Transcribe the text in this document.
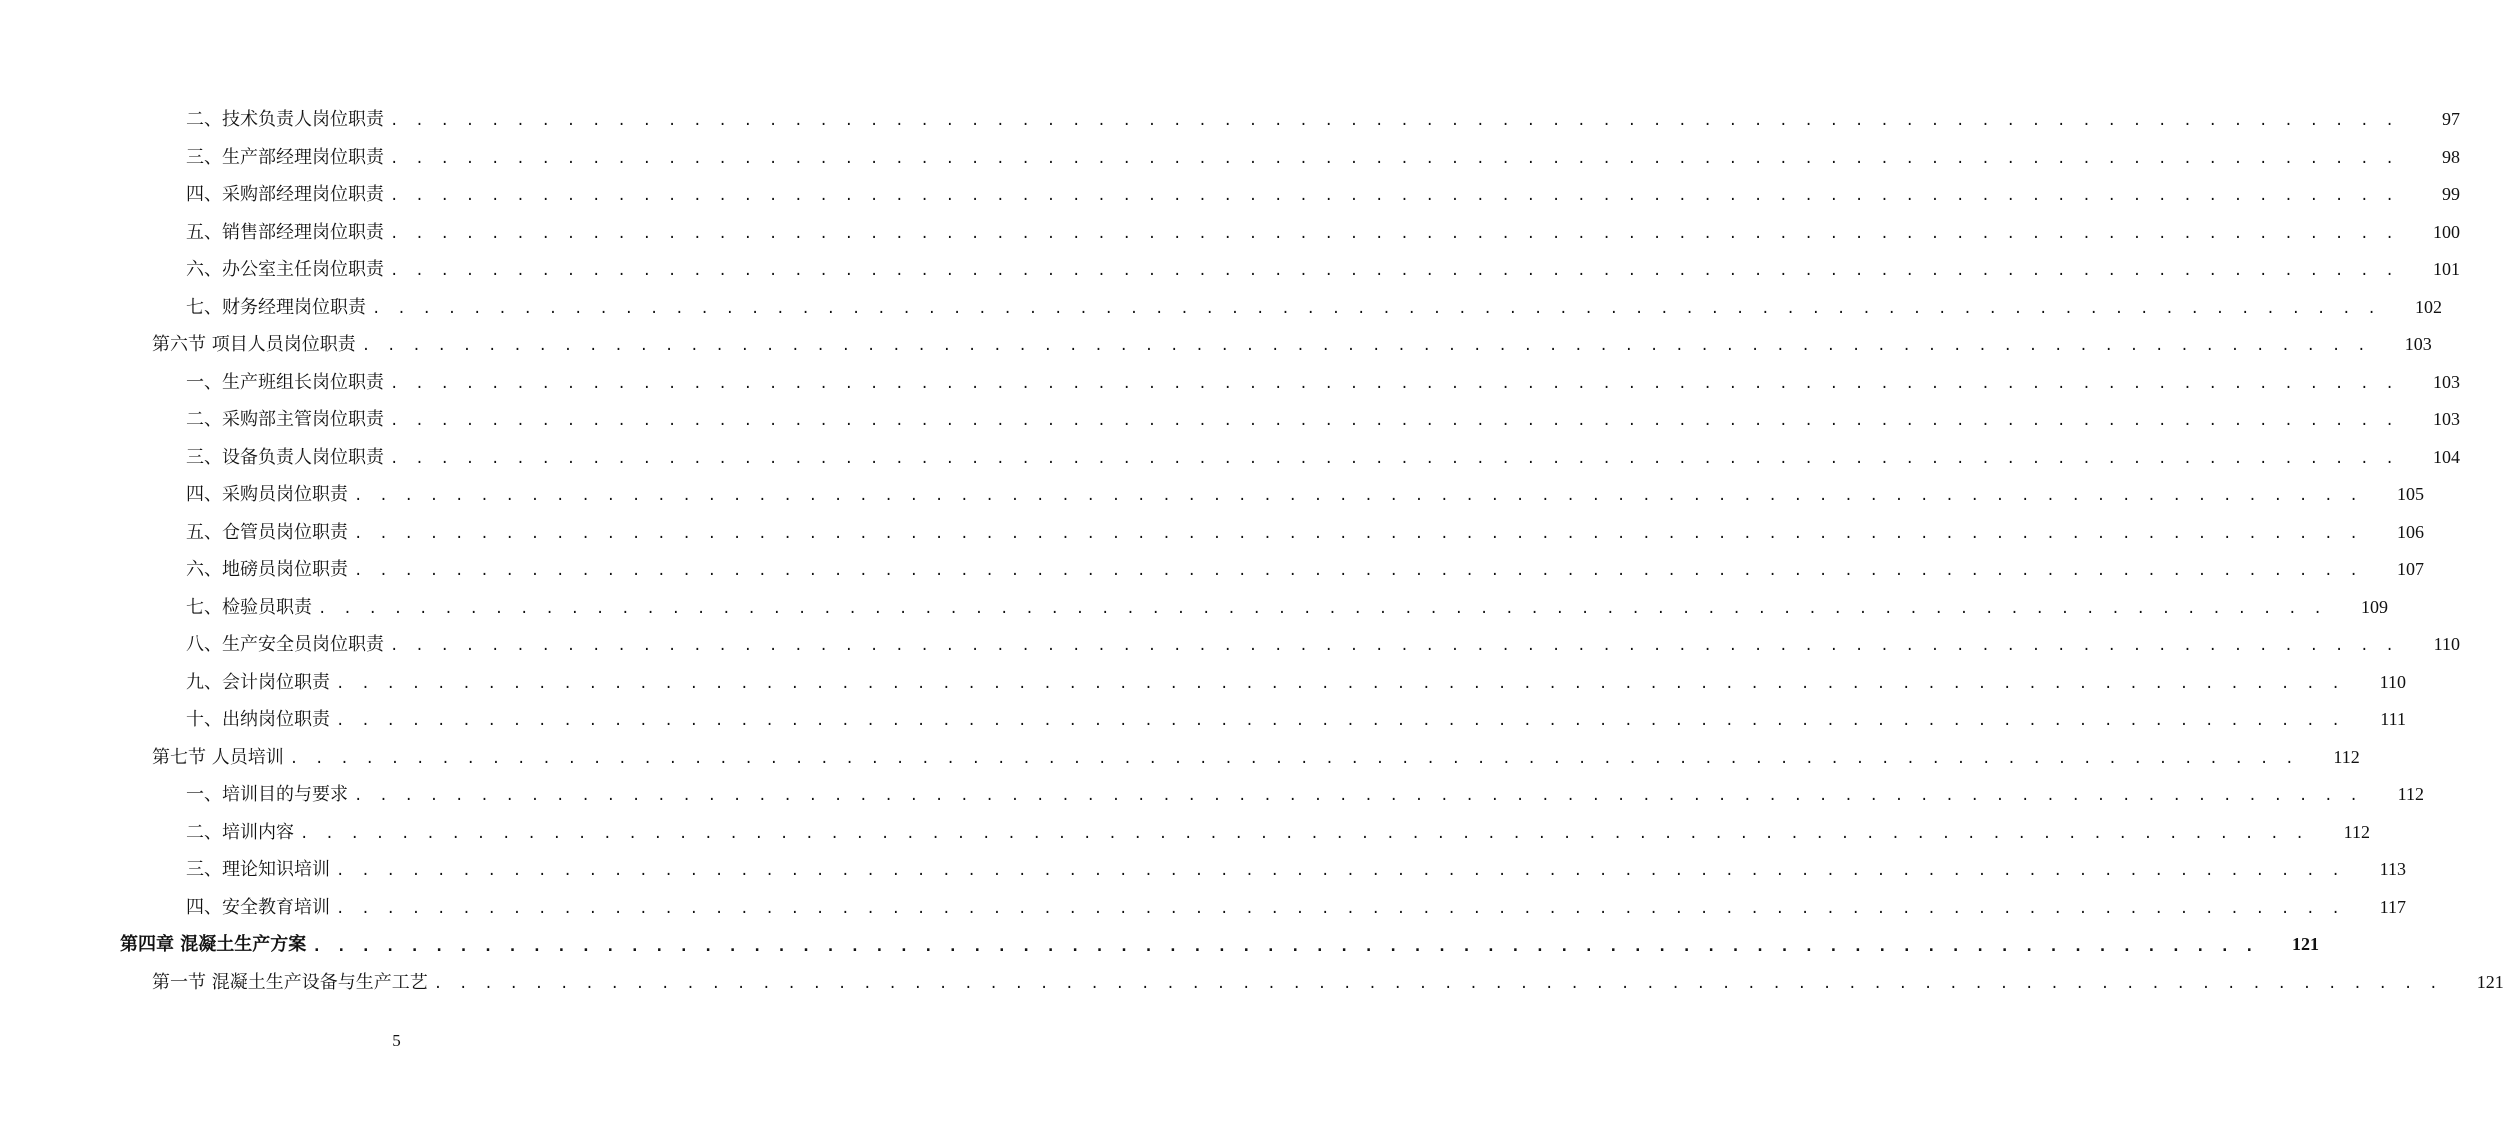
二、技术负责人岗位职责 . . . . . . . . . . . . . . . . . . . . . . . . . . . . . . . . . . . . . . . . . . . . . . . . . . . . . . . . . . . . . . . . . . . . . . . . . . . . . . . .	97
三、生产部经理岗位职责 . . . . . . . . . . . . . . . . . . . . . . . . . . . . . . . . . . . . . . . . . . . . . . . . . . . . . . . . . . . . . . . . . . . . . . . . . . . . . . . .	98
四、采购部经理岗位职责 . . . . . . . . . . . . . . . . . . . . . . . . . . . . . . . . . . . . . . . . . . . . . . . . . . . . . . . . . . . . . . . . . . . . . . . . . . . . . . . .	99
五、销售部经理岗位职责 . . . . . . . . . . . . . . . . . . . . . . . . . . . . . . . . . . . . . . . . . . . . . . . . . . . . . . . . . . . . . . . . . . . . . . . . . . . . . . . .	100
六、办公室主任岗位职责 . . . . . . . . . . . . . . . . . . . . . . . . . . . . . . . . . . . . . . . . . . . . . . . . . . . . . . . . . . . . . . . . . . . . . . . . . . . . . . . .	101
七、财务经理岗位职责 . . . . . . . . . . . . . . . . . . . . . . . . . . . . . . . . . . . . . . . . . . . . . . . . . . . . . . . . . . . . . . . . . . . . . . . . . . . . . . . .	102
第六节 项目人员岗位职责 . . . . . . . . . . . . . . . . . . . . . . . . . . . . . . . . . . . . . . . . . . . . . . . . . . . . . . . . . . . . . . . . . . . . . . . . . . . . . . . .	103
一、生产班组长岗位职责 . . . . . . . . . . . . . . . . . . . . . . . . . . . . . . . . . . . . . . . . . . . . . . . . . . . . . . . . . . . . . . . . . . . . . . . . . . . . . . . .	103
二、采购部主管岗位职责 . . . . . . . . . . . . . . . . . . . . . . . . . . . . . . . . . . . . . . . . . . . . . . . . . . . . . . . . . . . . . . . . . . . . . . . . . . . . . . . .	103
三、设备负责人岗位职责 . . . . . . . . . . . . . . . . . . . . . . . . . . . . . . . . . . . . . . . . . . . . . . . . . . . . . . . . . . . . . . . . . . . . . . . . . . . . . . . .	104
四、采购员岗位职责 . . . . . . . . . . . . . . . . . . . . . . . . . . . . . . . . . . . . . . . . . . . . . . . . . . . . . . . . . . . . . . . . . . . . . . . . . . . . . . . .	105
五、仓管员岗位职责 . . . . . . . . . . . . . . . . . . . . . . . . . . . . . . . . . . . . . . . . . . . . . . . . . . . . . . . . . . . . . . . . . . . . . . . . . . . . . . . .	106
六、地磅员岗位职责 . . . . . . . . . . . . . . . . . . . . . . . . . . . . . . . . . . . . . . . . . . . . . . . . . . . . . . . . . . . . . . . . . . . . . . . . . . . . . . . .	107
七、检验员职责 . . . . . . . . . . . . . . . . . . . . . . . . . . . . . . . . . . . . . . . . . . . . . . . . . . . . . . . . . . . . . . . . . . . . . . . . . . . . . . . .	109
八、生产安全员岗位职责 . . . . . . . . . . . . . . . . . . . . . . . . . . . . . . . . . . . . . . . . . . . . . . . . . . . . . . . . . . . . . . . . . . . . . . . . . . . . . . . .	110
九、会计岗位职责 . . . . . . . . . . . . . . . . . . . . . . . . . . . . . . . . . . . . . . . . . . . . . . . . . . . . . . . . . . . . . . . . . . . . . . . . . . . . . . . .	110
十、出纳岗位职责 . . . . . . . . . . . . . . . . . . . . . . . . . . . . . . . . . . . . . . . . . . . . . . . . . . . . . . . . . . . . . . . . . . . . . . . . . . . . . . . .	111
第七节 人员培训 . . . . . . . . . . . . . . . . . . . . . . . . . . . . . . . . . . . . . . . . . . . . . . . . . . . . . . . . . . . . . . . . . . . . . . . . . . . . . . . .	112
一、培训目的与要求 . . . . . . . . . . . . . . . . . . . . . . . . . . . . . . . . . . . . . . . . . . . . . . . . . . . . . . . . . . . . . . . . . . . . . . . . . . . . . . . .	112
二、培训内容 . . . . . . . . . . . . . . . . . . . . . . . . . . . . . . . . . . . . . . . . . . . . . . . . . . . . . . . . . . . . . . . . . . . . . . . . . . . . . . . .	112
三、理论知识培训 . . . . . . . . . . . . . . . . . . . . . . . . . . . . . . . . . . . . . . . . . . . . . . . . . . . . . . . . . . . . . . . . . . . . . . . . . . . . . . . .	113
四、安全教育培训 . . . . . . . . . . . . . . . . . . . . . . . . . . . . . . . . . . . . . . . . . . . . . . . . . . . . . . . . . . . . . . . . . . . . . . . . . . . . . . . .	117
第四章 混凝土生产方案 . . . . . . . . . . . . . . . . . . . . . . . . . . . . . . . . . . . . . . . . . . . . . . . . . . . . . . . . . . . . . . . . . . . . . . . . . . . . . . . .	121
第一节 混凝土生产设备与生产工艺 . . . . . . . . . . . . . . . . . . . . . . . . . . . . . . . . . . . . . . . . . . . . . . . . . . . . . . . . . . . . . . . . . . . . . . . . . . . . . . . .	121
5
